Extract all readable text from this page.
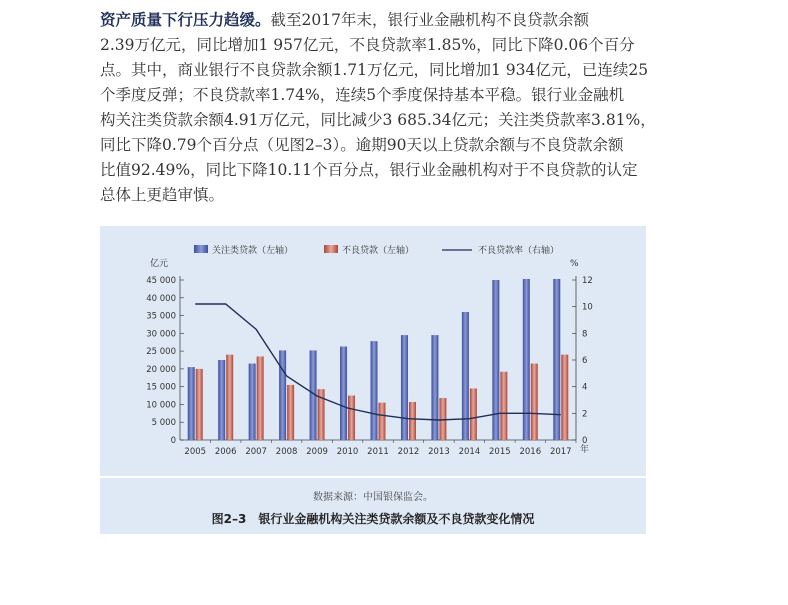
资产质量下行压力趋缓。截至2017年末，银行业金融机构不良贷款余额
2.39万亿元，同比增加1 957亿元，不良贷款率1.85%，同比下降0.06个百分
点。其中，商业银行不良贷款余额1.71万亿元，同比增加1 934亿元，已连续25
个季度反弹；不良贷款率1.74%，连续5个季度保持基本平稳。银行业金融机
构关注类贷款余额4.91万亿元，同比减少3 685.34亿元；关注类贷款率3.81%，
同比下降0.79个百分点（见图2–3）。逾期90天以上贷款余额与不良贷款余额
比值92.49%，同比下降10.11个百分点，银行业金融机构对于不良贷款的认定
总体上更趋审慎。
关注类贷款（左轴）	不良贷款（左轴）	不良贷款率（右轴）
亿元	%
0
5 000
10 000
15 000
20 000
25 000
30 000
35 000
40 000
45 000
0
2
4
6
8
10
12
2005 2006 2007 2008 2009 2010 2011 2012 2013 2014 2015 2016 2017 年
数据来源：中国银保监会。
图2–3　银行业金融机构关注类贷款余额及不良贷款变化情况
